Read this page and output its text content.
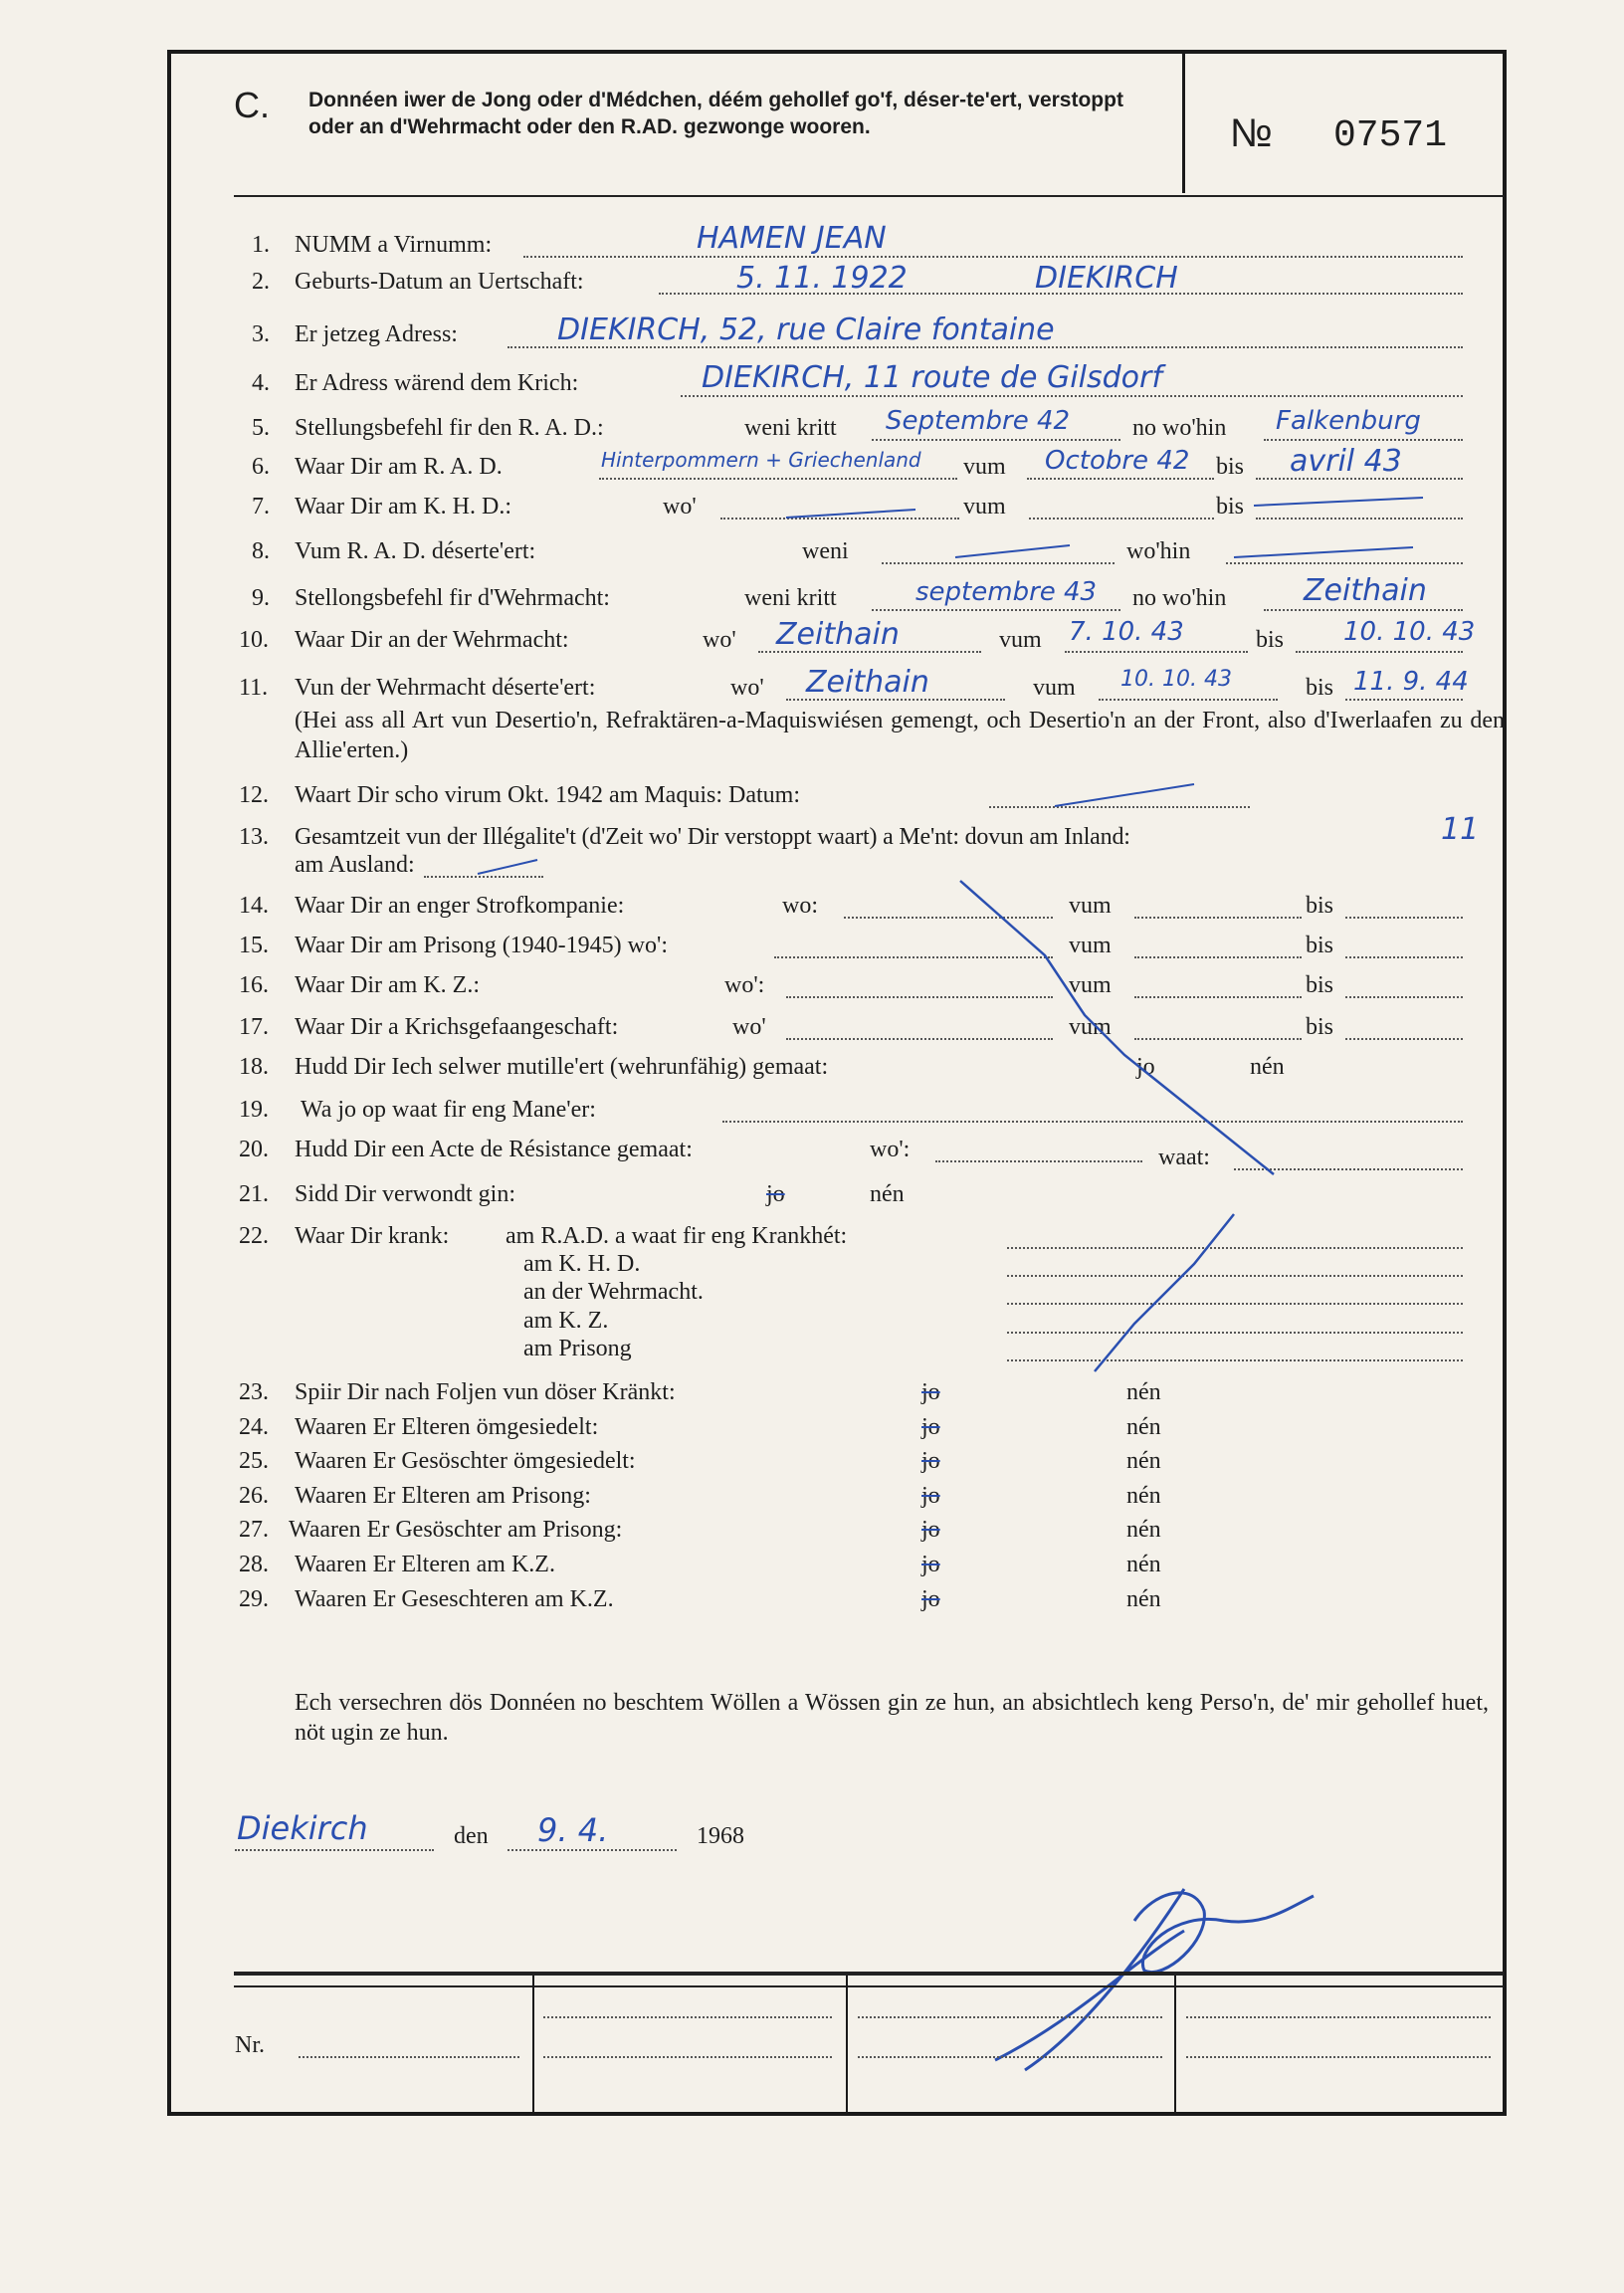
C. Donnéen iwer de Jong oder d'Médchen, déém gehollef go'f, déser-te'ert, verstoppt oder an d'Wehrmacht oder den R.AD. gezwonge wooren.	№ 07571
1. NUMM a Virnumm:	HAMEN JEAN
2. Geburts-Datum an Uertschaft:	5. 11. 1922	DIEKIRCH
3. Er jetzeg Adress:	DIEKIRCH, 52, rue Claire fontaine
4. Er Adress wärend dem Krich:	DIEKIRCH, 11 route de Gilsdorf
5. Stellungsbefehl fir den R. A. D.:	weni kritt Septembre 42	no wo'hin Falkenburg
6. Waar Dir am R. A. D.	Hinterpommern + Griechenland vum Octobre 42 bis avril 43
7. Waar Dir am K. H. D.:	wo'	vum	bis
8. Vum R. A. D. déserte'ert:	weni	wo'hin
9. Stellongsbefehl fir d'Wehrmacht:	weni kritt	septembre 43 no wo'hin	Zeithain
10. Waar Dir an der Wehrmacht:	wo' Zeithain	vum 7. 10. 43	bis 10. 10. 43
11. Vun der Wehrmacht déserte'ert:	wo' Zeithain	vum 10. 10. 43	bis 11. 9. 44
(Hei ass all Art vun Desertio'n, Refraktären-a-Maquiswiésen gemengt, och Desertio'n an der Front, also d'Iwerlaafen zu den Allie'erten.)
12. Waart Dir scho virum Okt. 1942 am Maquis: Datum:
13. Gesamtzeit vun der Illégalite't (d'Zeit wo' Dir verstoppt waart) a Me'nt: dovun am Inland:	11
am Ausland:
14. Waar Dir an enger Strofkompanie:	wo:	vum	bis
15. Waar Dir am Prisong (1940-1945) wo':	vum	bis
16. Waar Dir am K. Z.:	wo':	vum	bis
17. Waar Dir a Krichsgefaangeschaft:	wo'	vum	bis
18. Hudd Dir Iech selwer mutille'ert (wehrunfähig) gemaat:	jo	nén
19. Wa jo op waat fir eng Mane'er:
20. Hudd Dir een Acte de Résistance gemaat:	wo':	waat:
21. Sidd Dir verwondt gin:	jo	nén
22. Waar Dir krank: am R.A.D. a waat fir eng Krankhét:
am K. H. D.
an der Wehrmacht.
am K. Z.
am Prisong
23. Spiir Dir nach Foljen vun döser Kränkt:	jo	nén
24. Waaren Er Elteren ömgesiedelt:	jo	nén
25. Waaren Er Gesöschter ömgesiedelt:	jo	nén
26. Waaren Er Elteren am Prisong:	jo	nén
27. Waaren Er Gesöschter am Prisong:	jo	nén
28. Waaren Er Elteren am K.Z.	jo	nén
29. Waaren Er Geseschteren am K.Z.	jo	nén
Ech versechren dös Donnéen no beschtem Wöllen a Wössen gin ze hun, an absichtlech keng Perso'n, de' mir gehollef huet, nöt ugin ze hun.
Diekirch	den 9. 4.	1968
Nr.
